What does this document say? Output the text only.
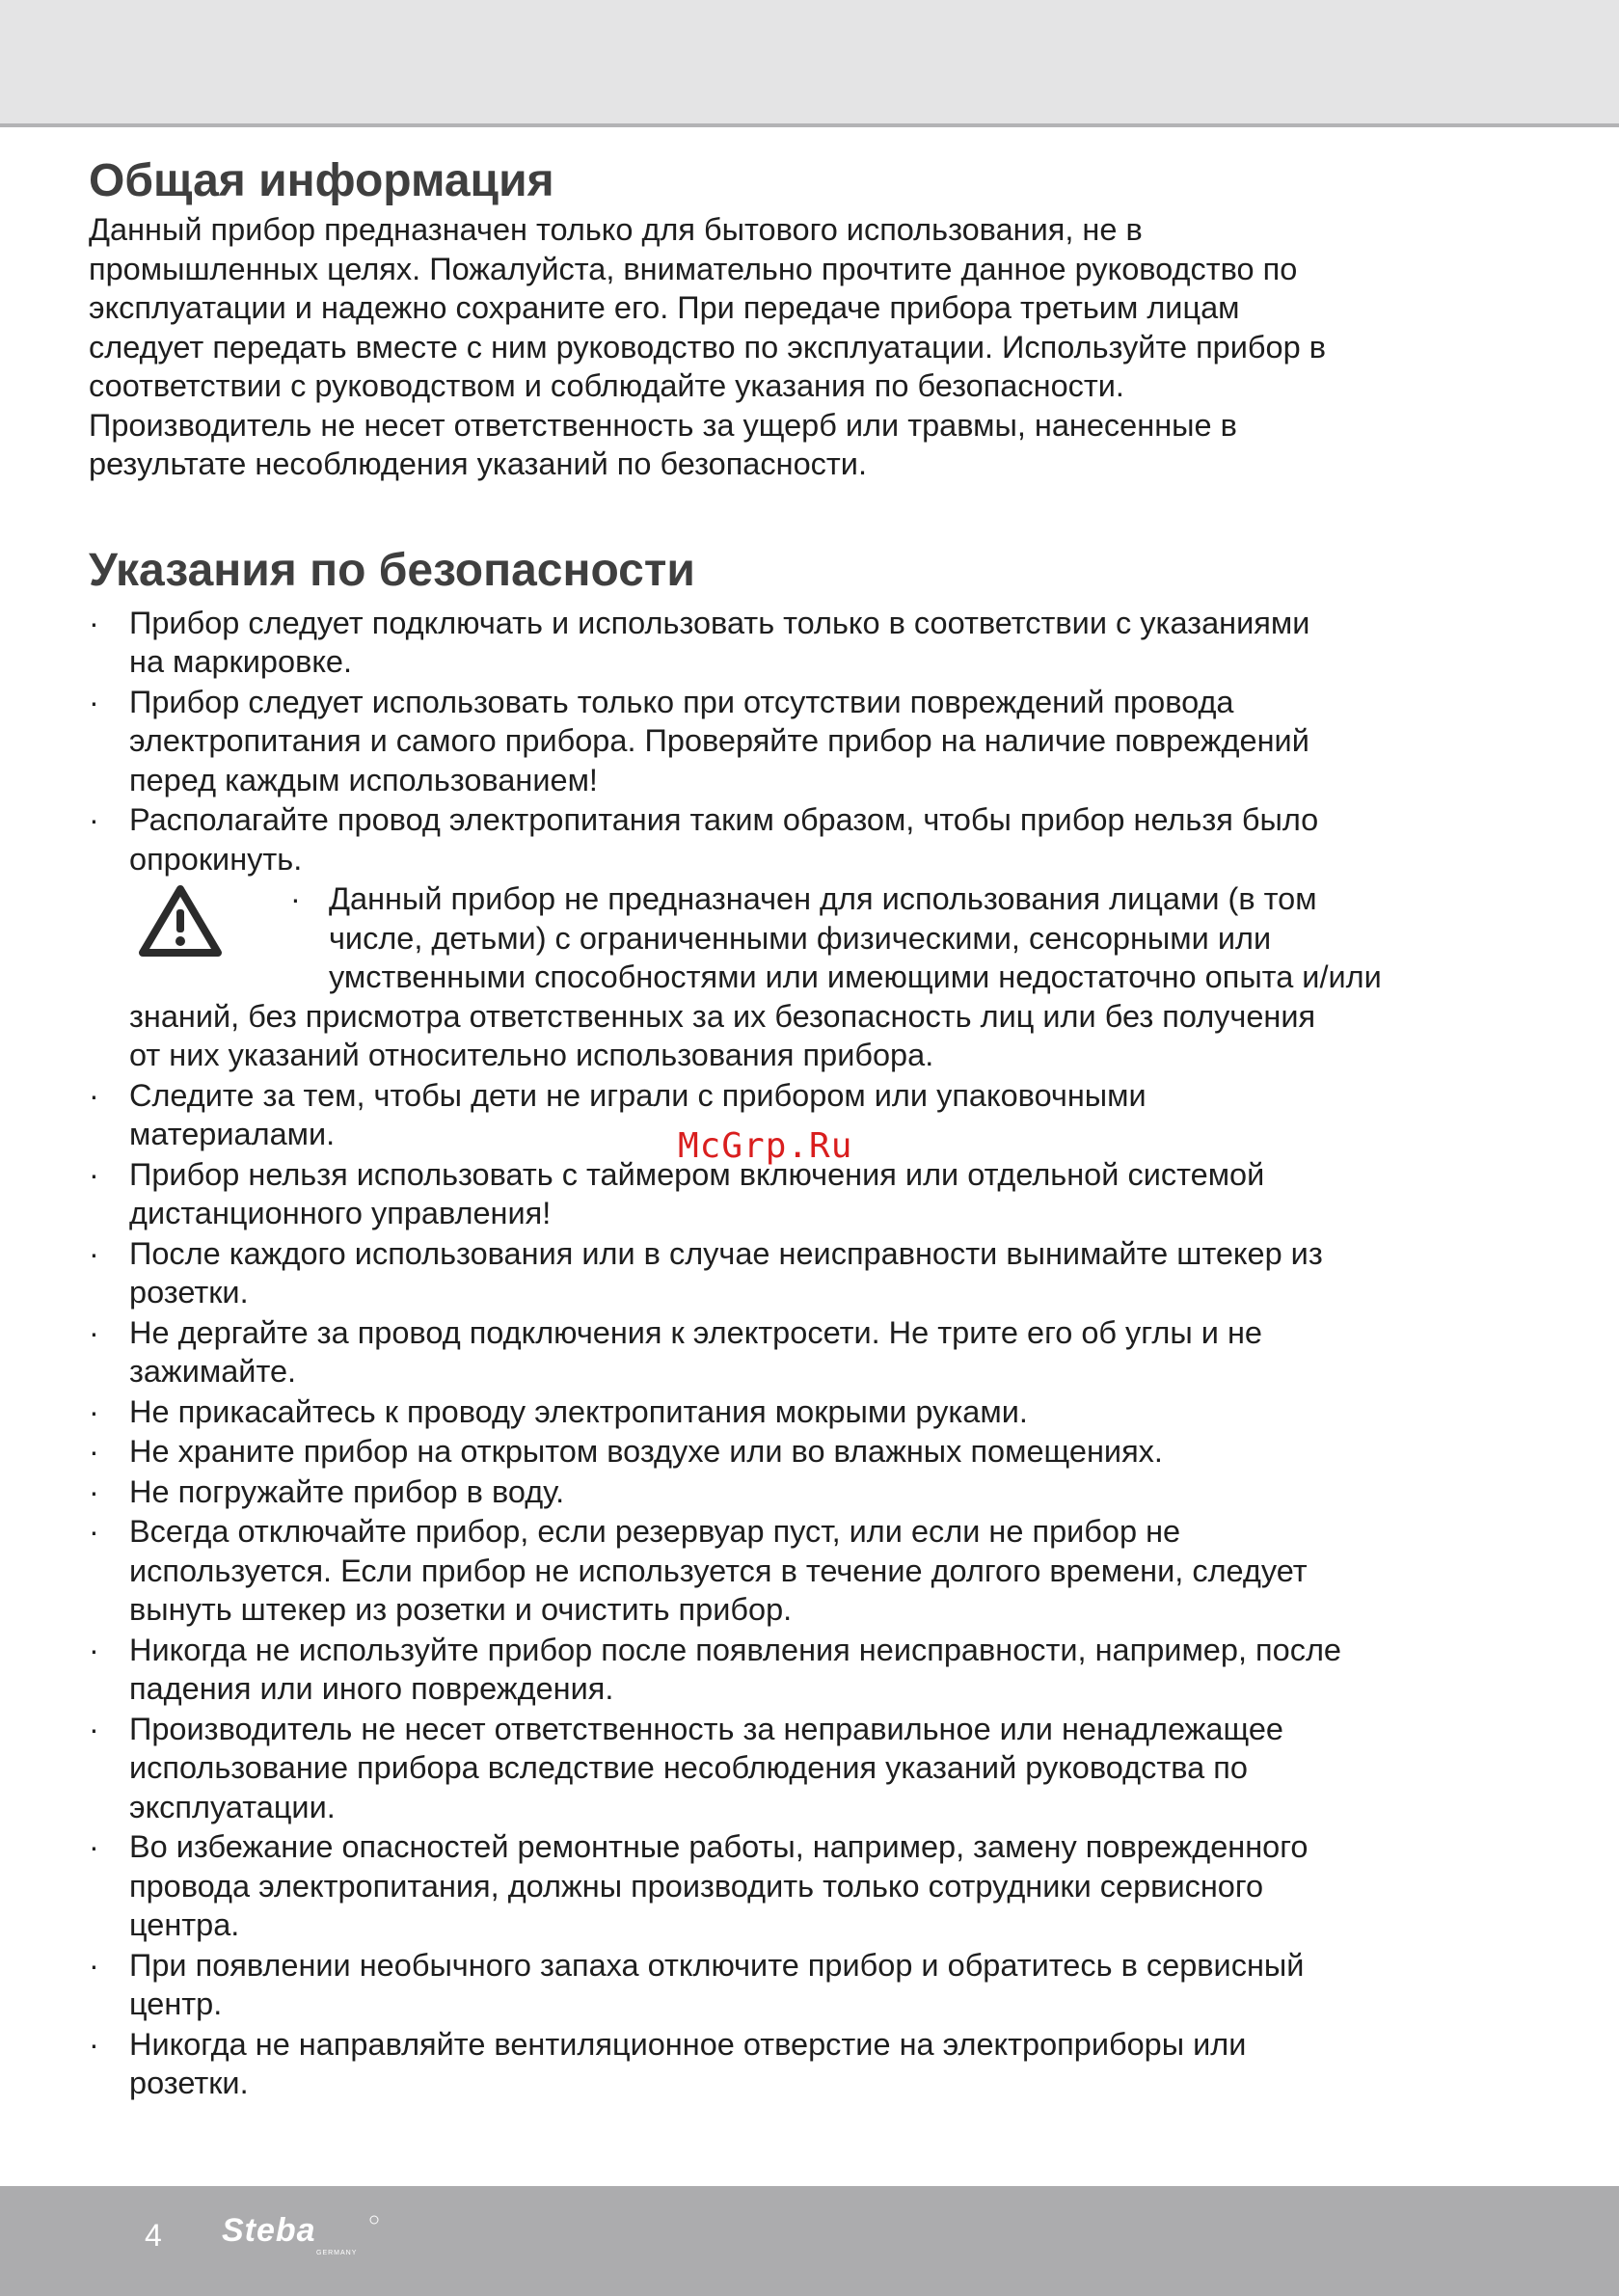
Общая информация

Данный прибор предназначен только для бытового использования, не в
промышленных целях. Пожалуйста, внимательно прочтите данное руководство по
эксплуатации и надежно сохраните его. При передаче прибора третьим лицам
следует передать вместе с ним руководство по эксплуатации. Используйте прибор в
соответствии с руководством и соблюдайте указания по безопасности.
Производитель не несет ответственность за ущерб или травмы, нанесенные в
результате несоблюдения указаний по безопасности.

Указания по безопасности
· Прибор следует подключать и использовать только в соответствии с указаниями
на маркировке.
· Прибор следует использовать только при отсутствии повреждений провода
электропитания и самого прибора. Проверяйте прибор на наличие повреждений
перед каждым использованием!
· Располагайте провод электропитания таким образом, чтобы прибор нельзя было
опрокинуть.
· Данный прибор не предназначен для использования лицами (в том
числе, детьми) с ограниченными физическими, сенсорными или
умственными способностями или имеющими недостаточно опыта и/или
знаний, без присмотра ответственных за их безопасность лиц или без получения
от них указаний относительно использования прибора.
· Следите за тем, чтобы дети не играли с прибором или упаковочными
материалами.
· Прибор нельзя использовать с таймером включения или отдельной системой
дистанционного управления!
· После каждого использования или в случае неисправности вынимайте штекер из
розетки.
· Не дергайте за провод подключения к электросети. Не трите его об углы и не
зажимайте.
· Не прикасайтесь к проводу электропитания мокрыми руками.
· Не храните прибор на открытом воздухе или во влажных помещениях.
· Не погружайте прибор в воду.
· Всегда отключайте прибор, если резервуар пуст, или если не прибор не
используется. Если прибор не используется в течение долгого времени, следует
вынуть штекер из розетки и очистить прибор.
· Никогда не используйте прибор после появления неисправности, например, после
падения или иного повреждения.
· Производитель не несет ответственность за неправильное или ненадлежащее
использование прибора вследствие несоблюдения указаний руководства по
эксплуатации.
· Во избежание опасностей ремонтные работы, например, замену поврежденного
провода электропитания, должны производить только сотрудники сервисного
центра.
· При появлении необычного запаха отключите прибор и обратитесь в сервисный
центр.
· Никогда не направляйте вентиляционное отверстие на электроприборы или
розетки.
McGrp.Ru
4 Steba
GERMANY
